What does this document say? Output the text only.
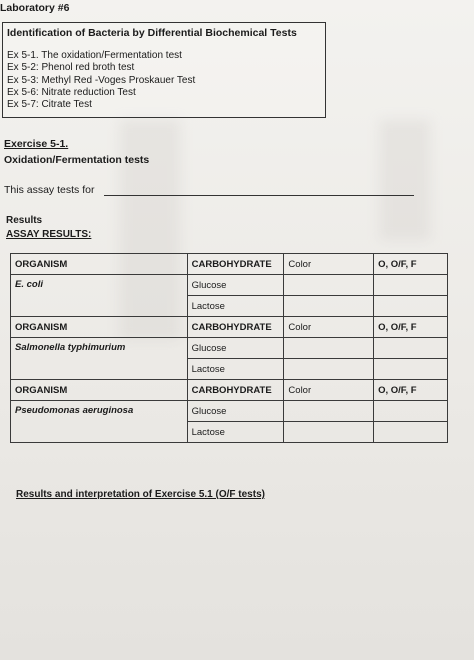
Laboratory #6
Identification of Bacteria by Differential Biochemical Tests
Ex 5-1. The oxidation/Fermentation test
Ex 5-2: Phenol red broth test
Ex 5-3: Methyl Red -Voges Proskauer Test
Ex 5-6: Nitrate reduction Test
Ex 5-7: Citrate Test
Exercise 5-1.
Oxidation/Fermentation tests
This assay tests for
Results
ASSAY RESULTS:
ORGANISM	CARBOHYDRATE	Color	O, O/F, F
E. coli	Glucose		
	Lactose		
ORGANISM	CARBOHYDRATE	Color	O, O/F, F
Salmonella typhimurium	Glucose		
	Lactose		
ORGANISM	CARBOHYDRATE	Color	O, O/F, F
Pseudomonas aeruginosa	Glucose		
	Lactose		
Results and interpretation of Exercise 5.1 (O/F tests)
